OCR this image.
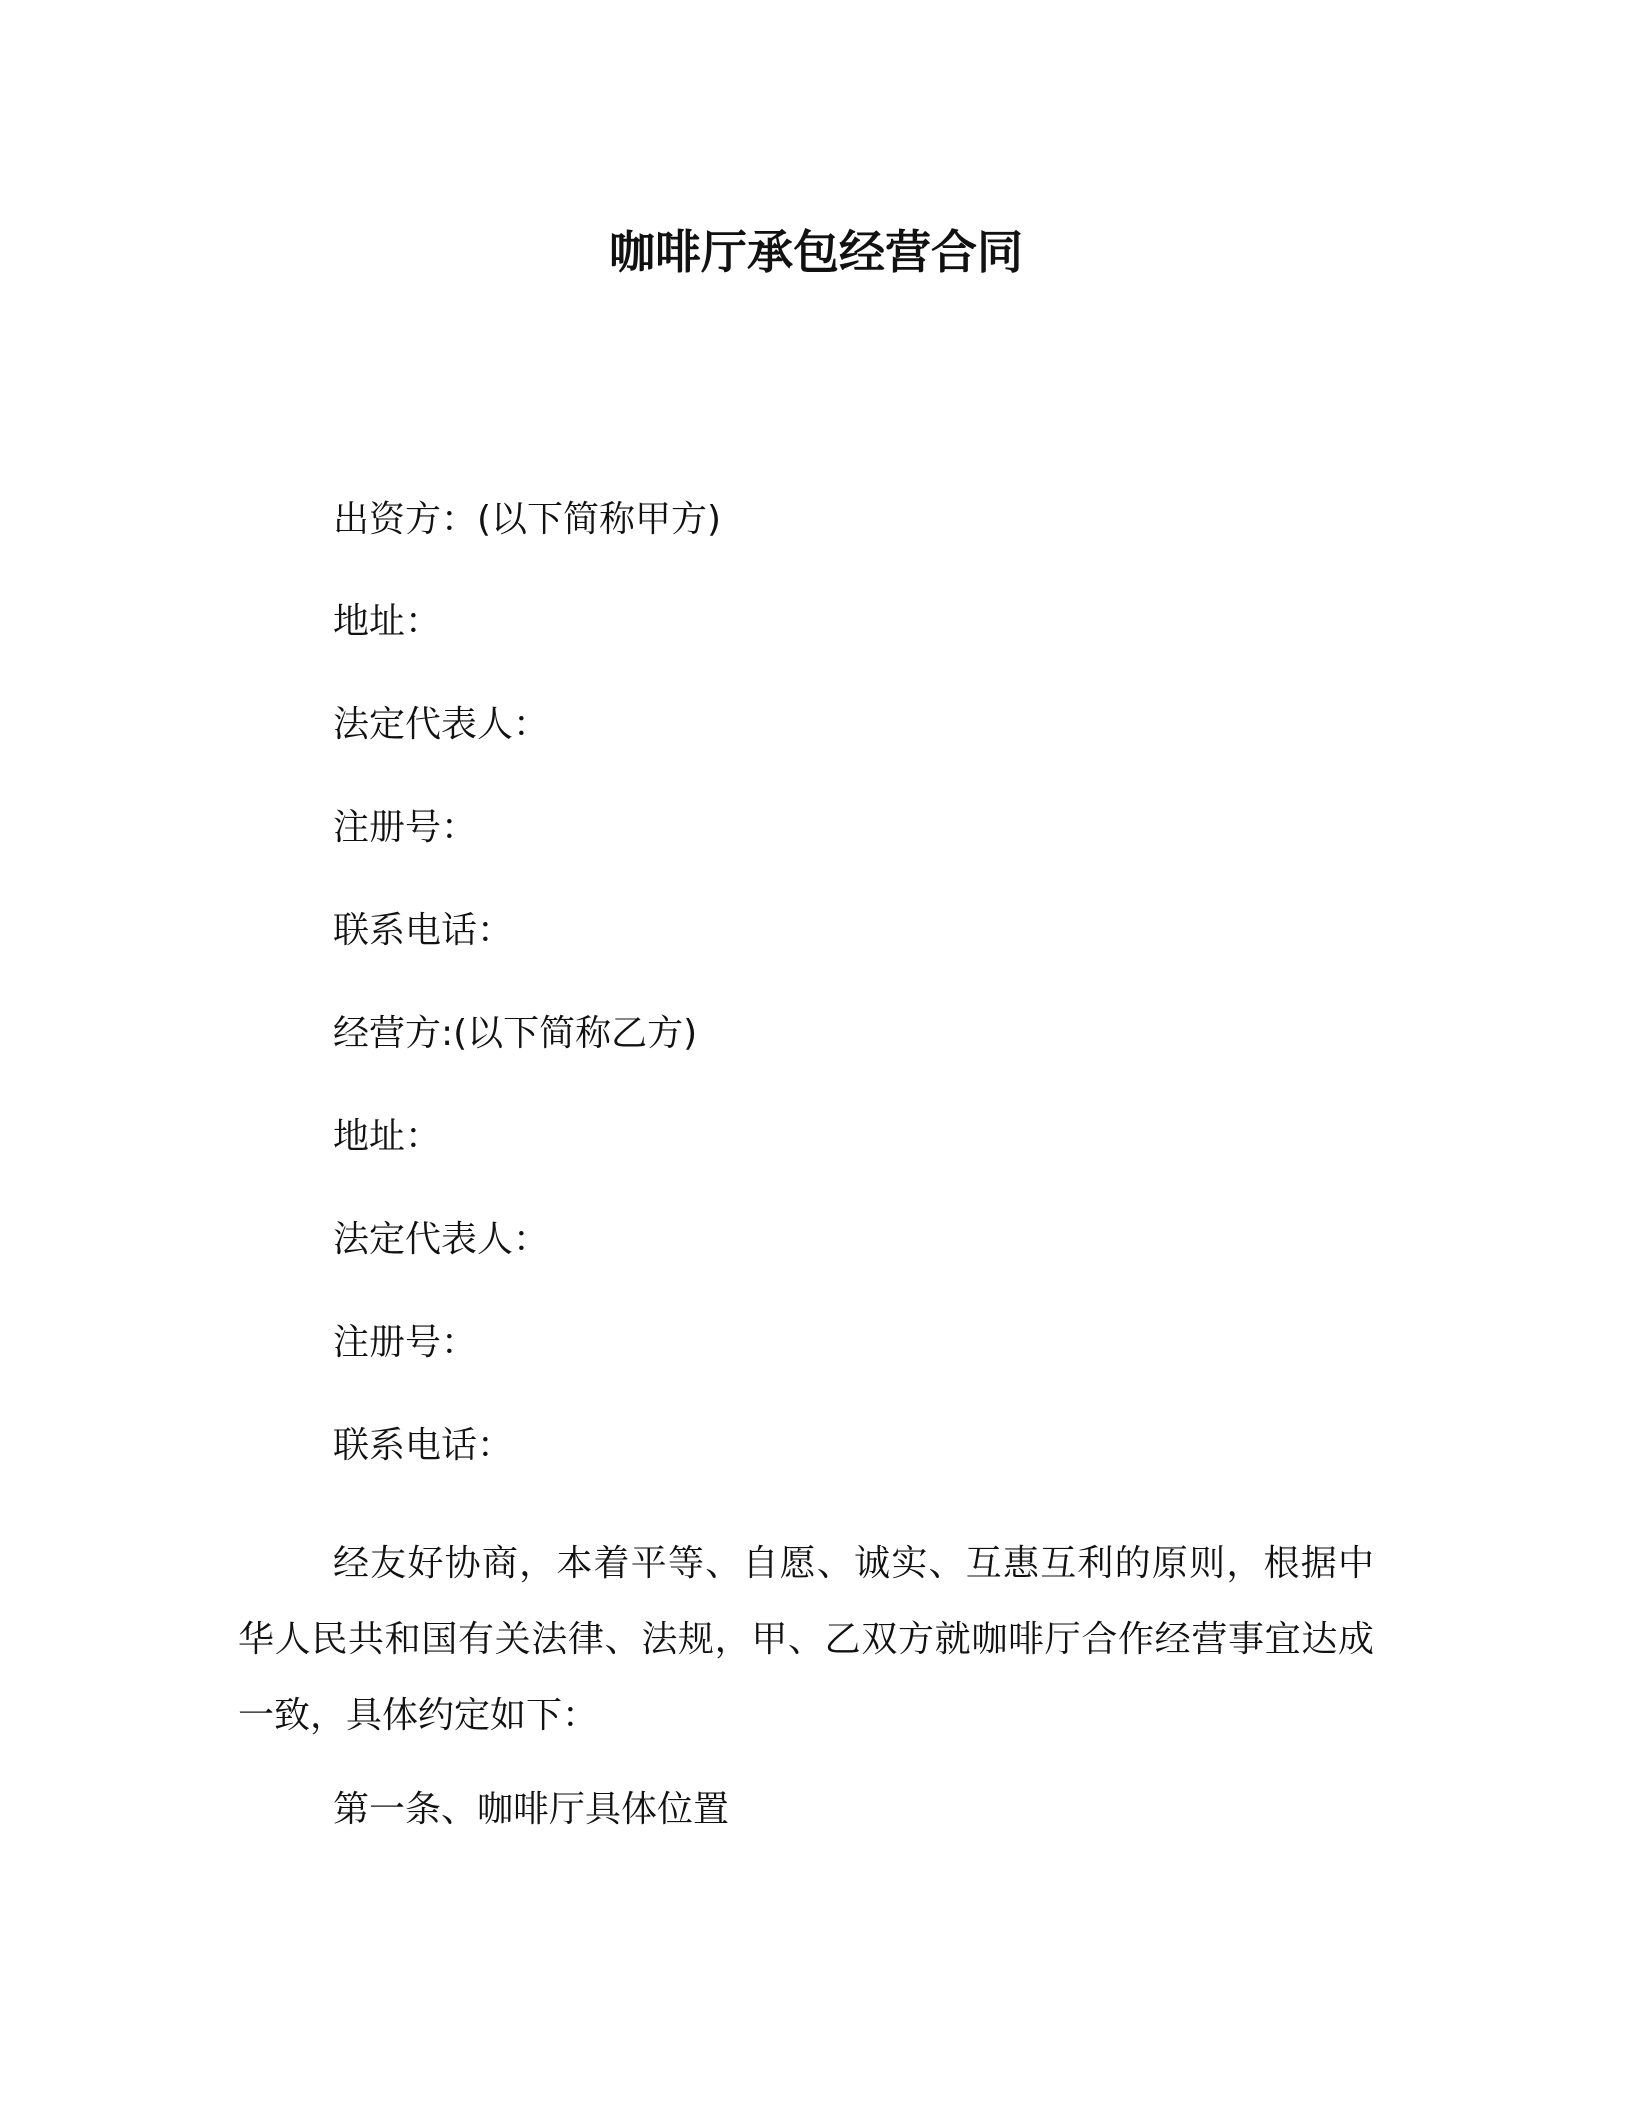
咖啡厅承包经营合同

出资方：(以下简称甲方)

地址：

法定代表人：

注册号：

联系电话：

经营方:(以下简称乙方)

地址：

法定代表人：

注册号：

联系电话：

经友好协商，本着平等、自愿、诚实、互惠互利的原则，根据中华人民共和国有关法律、法规，甲、乙双方就咖啡厅合作经营事宜达成一致，具体约定如下：

第一条、咖啡厅具体位置
